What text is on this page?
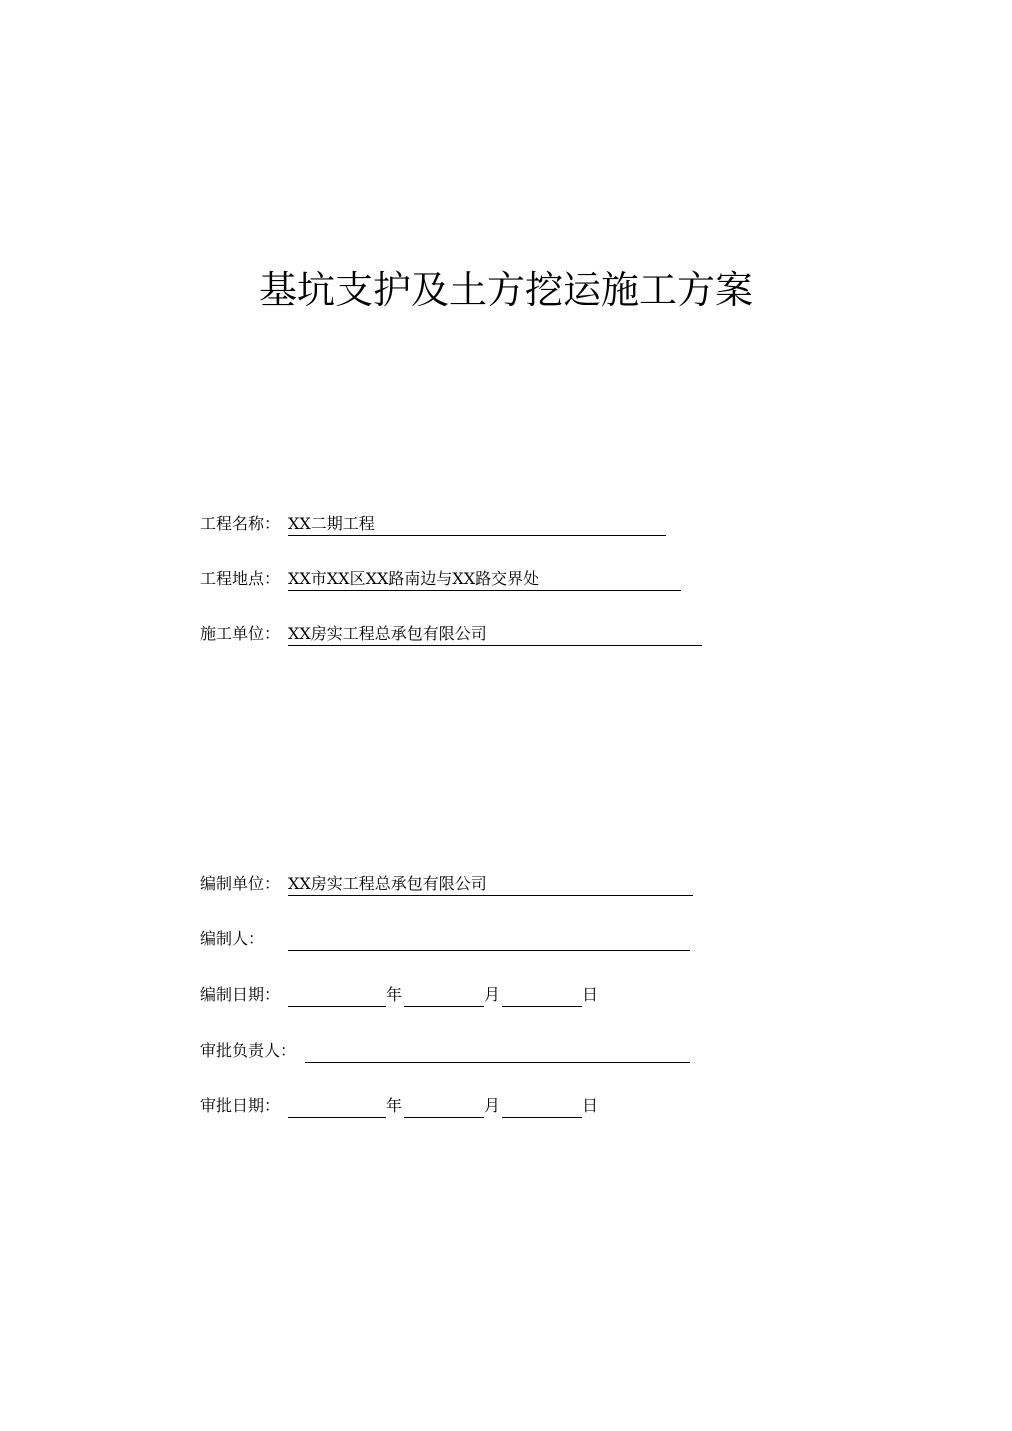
基坑支护及土方挖运施工方案
工程名称： XX二期工程
工程地点： XX市XX区XX路南边与XX路交界处
施工单位： XX房实工程总承包有限公司
编制单位： XX房实工程总承包有限公司
编制人：
编制日期：	年	月	日
审批负责人：
审批日期：	年	月	日
